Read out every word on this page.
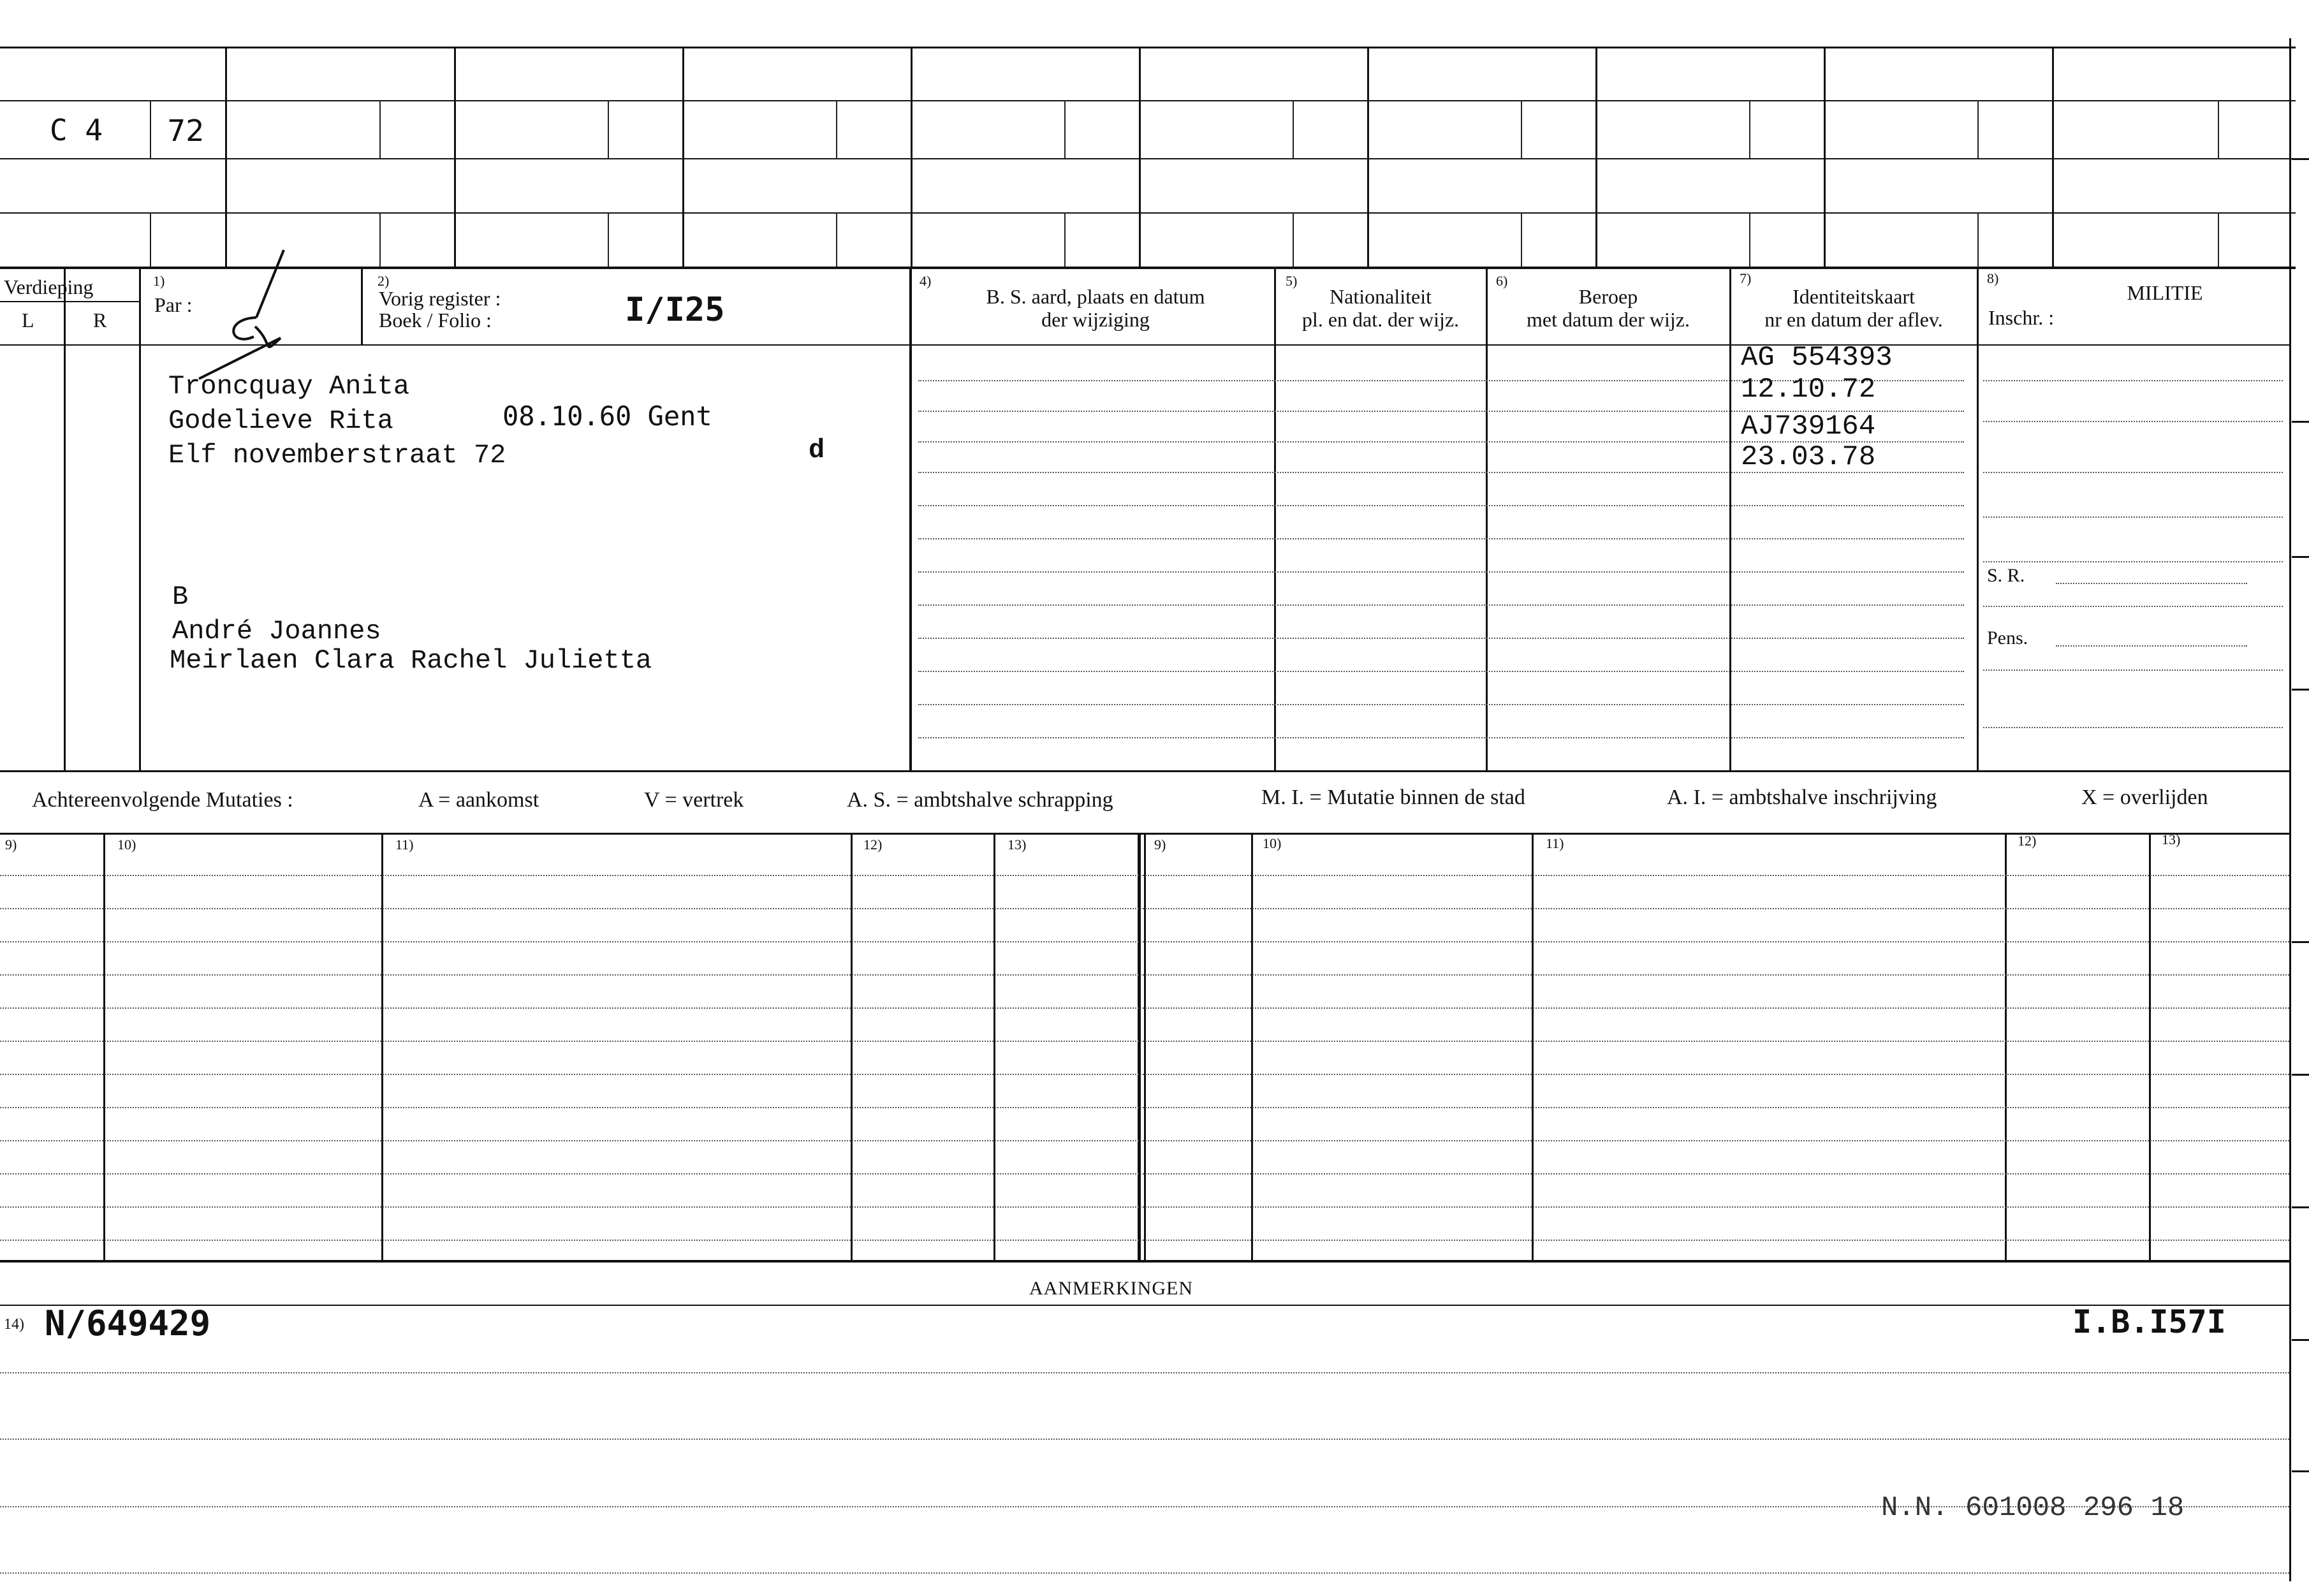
C 4 72
Verdieping
L	R
1)
Par :
2)
Vorig register :
Boek / Folio :	I/I25
4)
B. S. aard, plaats en datum
der wijziging
5)
Nationaliteit
pl. en dat. der wijz.
6)
Beroep
met datum der wijz.
7)
Identiteitskaart
nr en datum der aflev.
8)
MILITIE
Inschr. :
Troncquay Anita
Godelieve Rita	08.10.60 Gent
Elf novemberstraat 72	d
B
André Joannes
Meirlaen Clara Rachel Julietta
S. R.
Pens.
AG 554393
12.10.72
AJ739164
23.03.78
Achtereenvolgende Mutaties :	A = aankomst	V = vertrek	A. S. = ambtshalve schrapping	M. I. = Mutatie binnen de stad	A. I. = ambtshalve inschrijving	X = overlijden
9)	10)	11)	12)	13)	9)	10)	11)	12)	13)
AANMERKINGEN
14) N/649429	I.B.I57I
N.N. 601008 296 18
